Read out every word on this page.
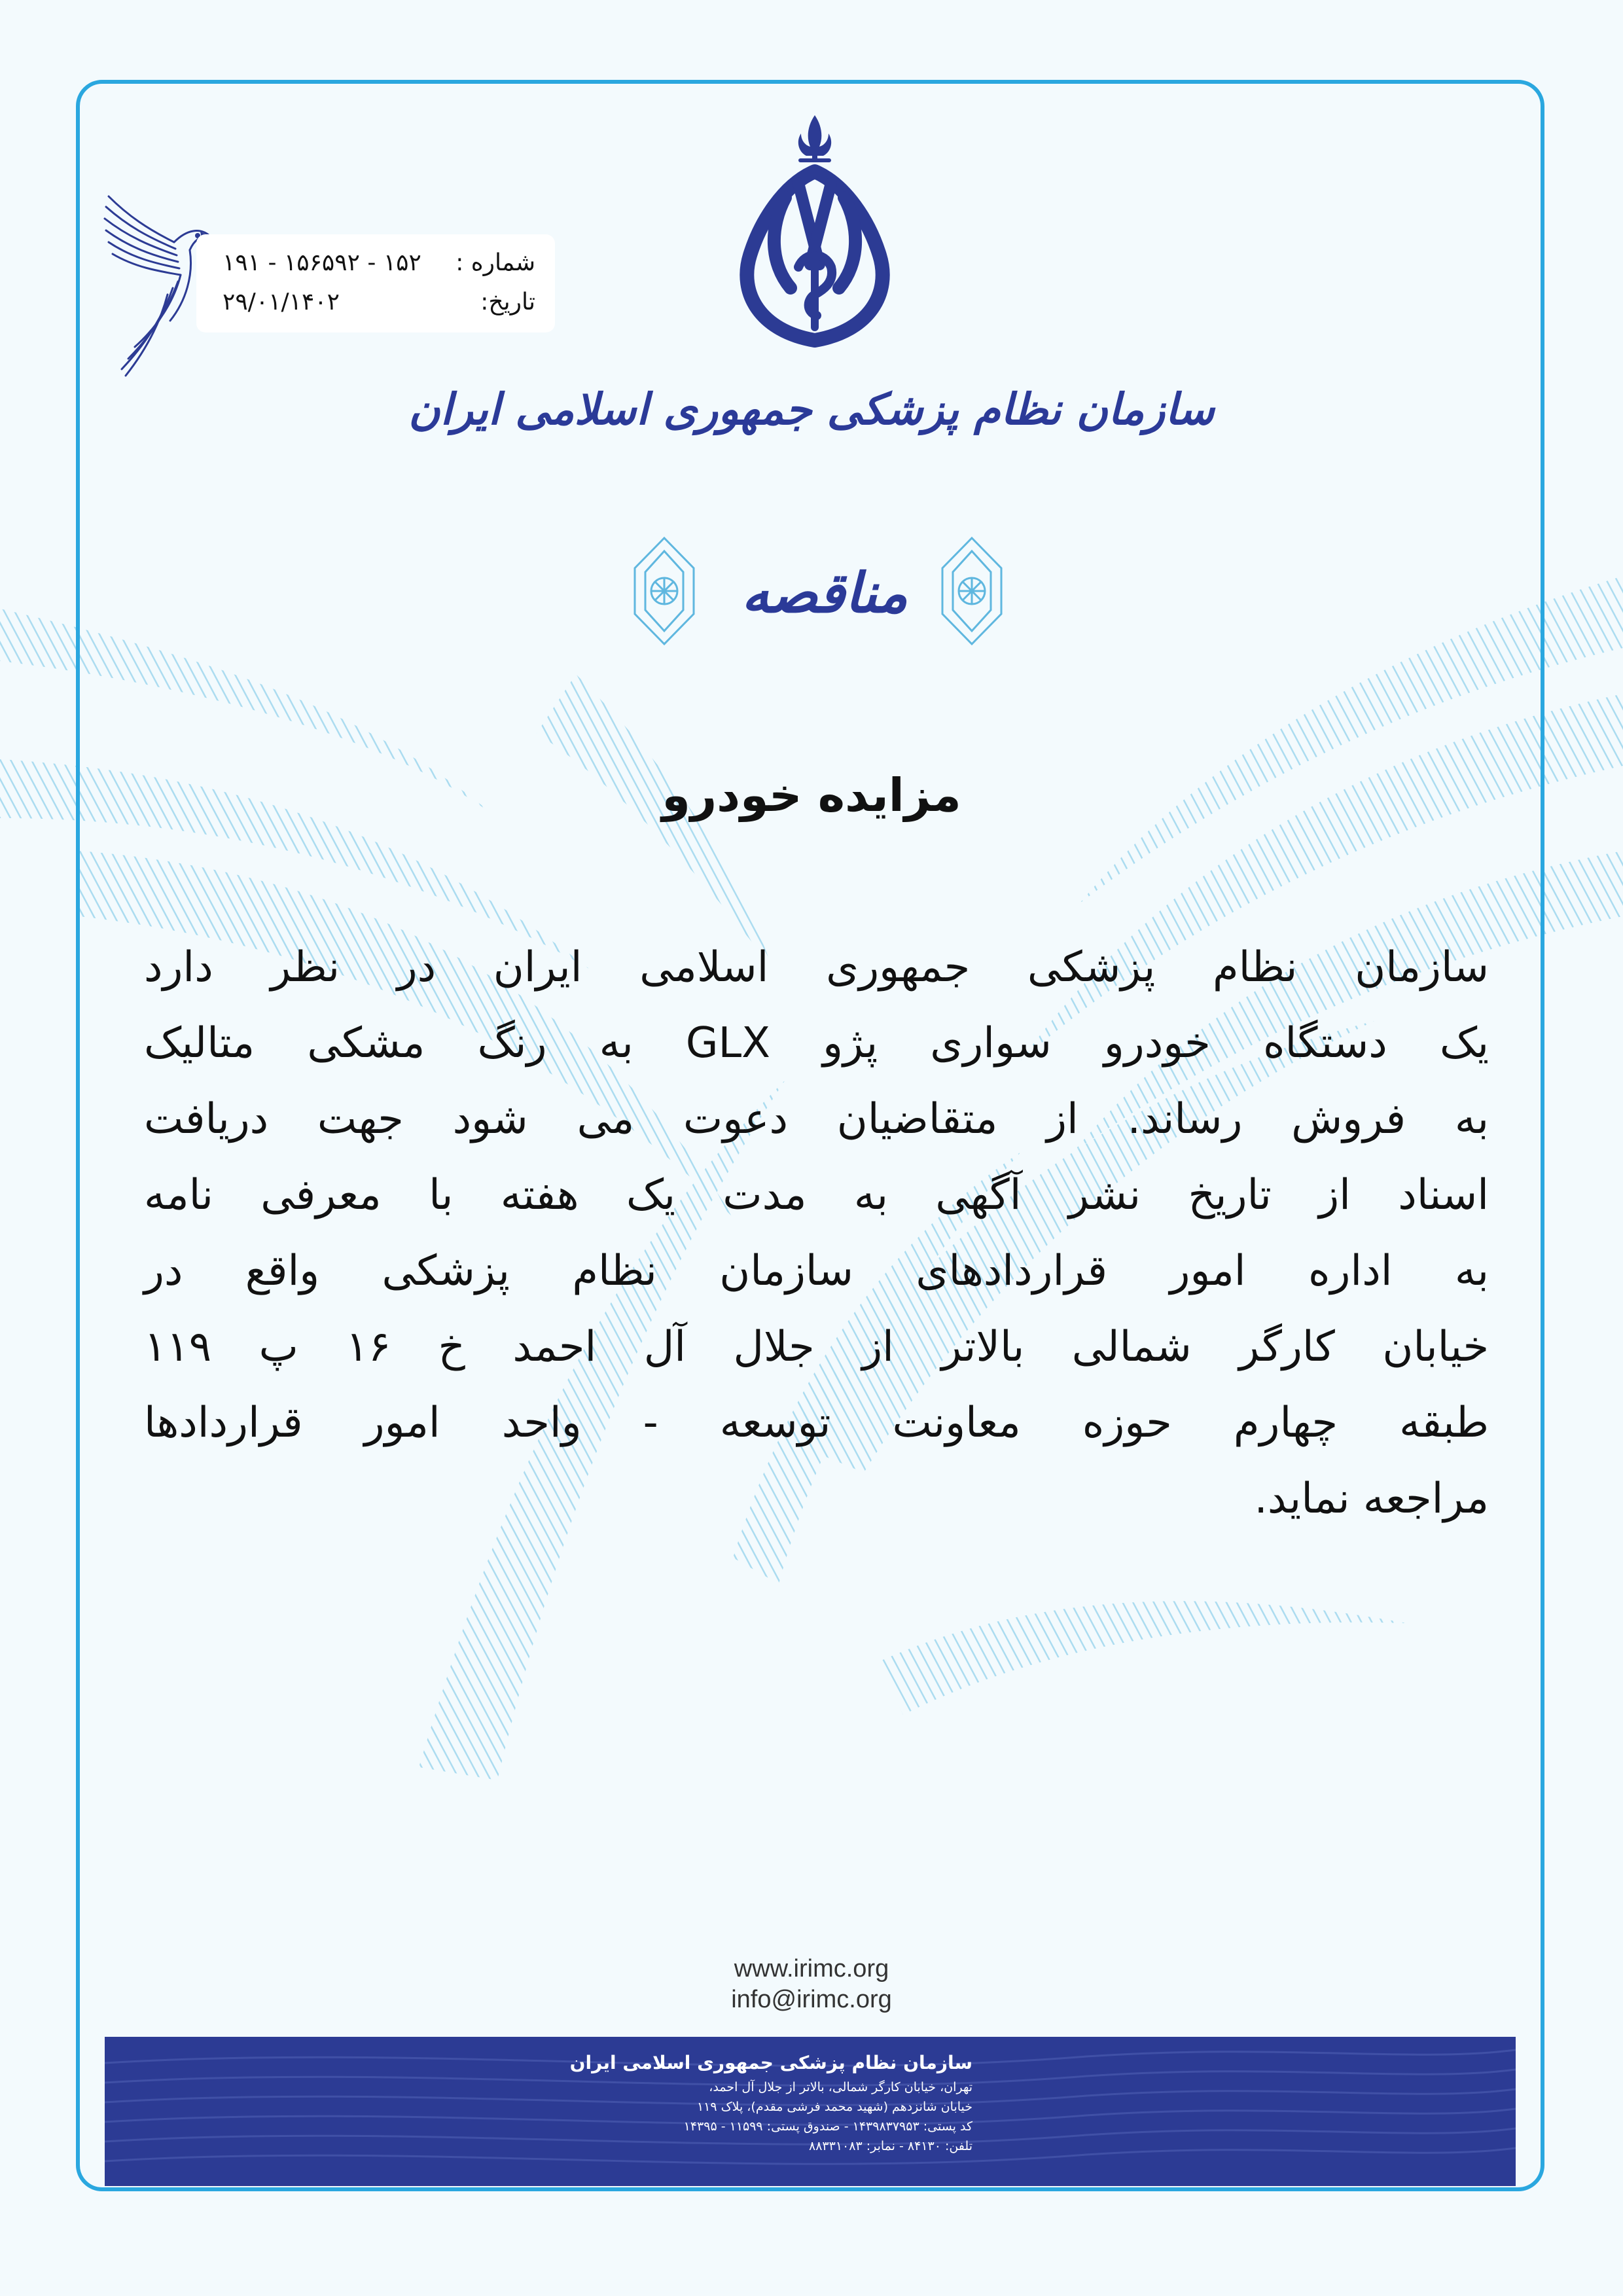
سازمان نظام پزشکی جمهوری اسلامی ایران
شماره :
۱۵۲ - ۱۵۶۵۹۲ - ۱۹۱
تاریخ:
۲۹/۰۱/۱۴۰۲
مناقصه
مزایده خودرو

سازمان نظام پزشکی جمهوری اسلامی ایران در نظر دارد
یک دستگاه خودرو سواری پژو GLX به رنگ مشکی متالیک
به فروش رساند. از متقاضیان دعوت می شود جهت دریافت
اسناد از تاریخ نشر آگهی به مدت یک هفته با معرفی نامه
به اداره امور قراردادهای سازمان نظام پزشکی واقع در
خیابان کارگر شمالی بالاتر از جلال آل احمد خ ۱۶ پ ۱۱۹
طبقه چهارم حوزه معاونت توسعه - واحد امور قراردادها
مراجعه نماید.

www.irimc.org
info@irimc.org
سازمان نظام پزشکی جمهوری اسلامی ایران
تهران، خیابان کارگر شمالی، بالاتر از جلال آل احمد،
خیابان شانزدهم (شهید محمد فرشی مقدم)، پلاک ۱۱۹
کد پستی: ۱۴۳۹۸۳۷۹۵۳ - صندوق پستی: ۱۱۵۹۹ - ۱۴۳۹۵
تلفن: ۸۴۱۳۰ - نمابر: ۸۸۳۳۱۰۸۳
